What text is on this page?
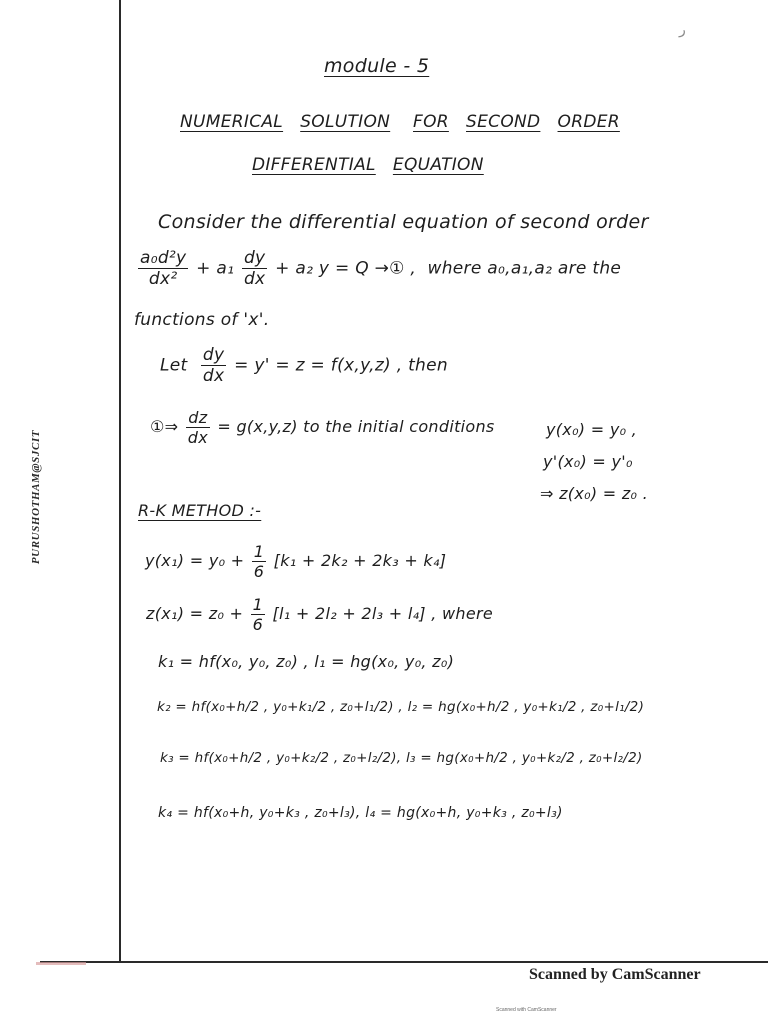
PURUSHOTHAM@SJCIT
ر
module - 5
NUMERICAL SOLUTION FOR SECOND ORDER
DIFFERENTIAL EQUATION
Consider the differential equation of second order
$\frac{\text{a₀d²y}}{\text{dx²}} + a_1 \frac{dy}{dx} + a_2$ y = Q →① , where a₀,a₁,a₂ are the
functions of 'x'.
Let $\frac{dy}{dx} = y' = z = f(x,y,z)$ , then
①⇒ $\frac{dz}{dx} = g(x,y,z)$ to the initial conditions	y(x₀) = y₀ ,
y'(x₀) = y'₀
⇒ z(x₀) = z₀ .
R-K METHOD :-
$y(x_1) = y_0 + \frac{1}{6} [k_1 + 2k_2 + 2k_3 + k_4]$
$z(x_1) = z_0 + \frac{1}{6} [l_1 + 2l_2 + 2l_3 + l_4]$ , where
k₁ = hf(x₀, y₀, z₀) , l₁ = hg(x₀, y₀, z₀)
k₂ = hf(x₀+h/2 , y₀+k₁/2 , z₀+l₁/2) , l₂ = hg(x₀+h/2 , y₀+k₁/2 , z₀+l₁/2)
k₃ = hf(x₀+h/2 , y₀+k₂/2 , z₀+l₂/2), l₃ = hg(x₀+h/2 , y₀+k₂/2 , z₀+l₂/2)
k₄ = hf(x₀+h, y₀+k₃ , z₀+l₃), l₄ = hg(x₀+h, y₀+k₃ , z₀+l₃)
Scanned by CamScanner
Scanned with CamScanner
